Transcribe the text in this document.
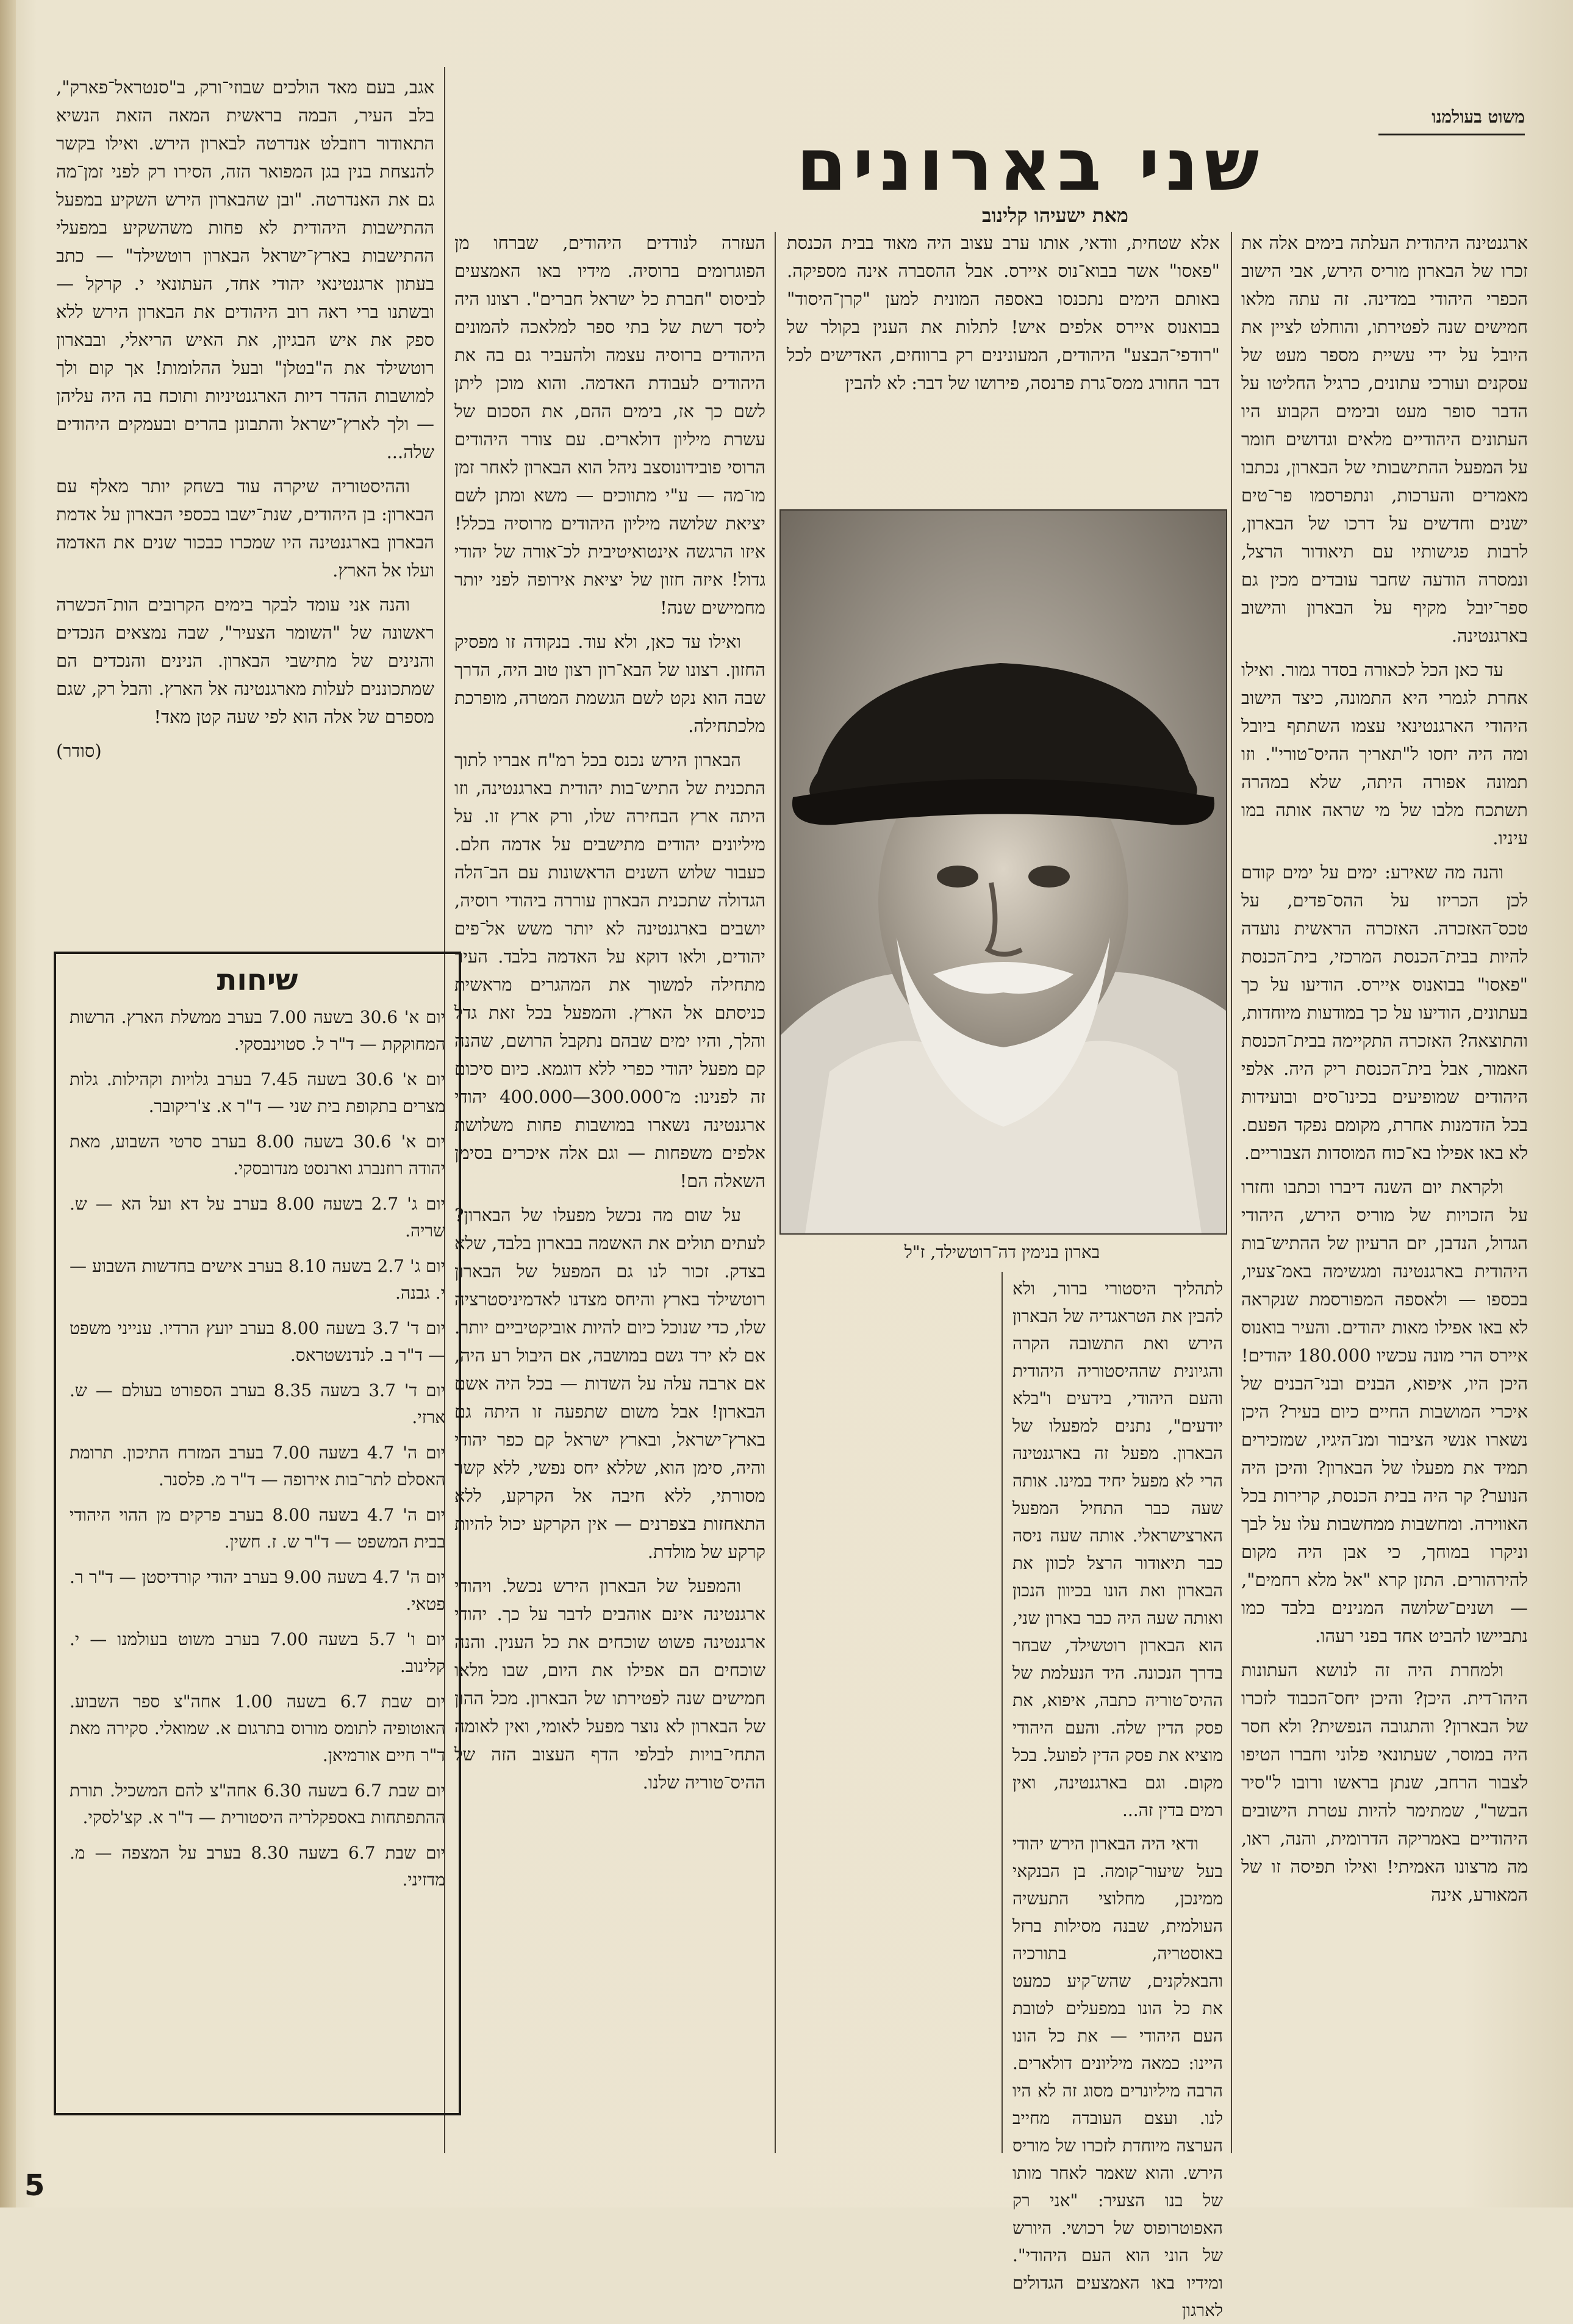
משוט בעולמנו
שני בארונים
מאת ישעיהו קלינוב

ארגנטינה היהודית העלתה בימים אלה את זכרו של הבארון מוריס הירש, אבי הישוב הכפרי היהודי במדינה. זה עתה מלאו חמישים שנה לפטירתו, והוחלט לציין את היובל על ידי עשיית מספר מעט של עסקנים ועורכי עתונים, כרגיל החליטו על הדבר סופר מעט ובימים הקבוע היו העתונים היהודיים מלאים וגדושים חומר על המפעל ההתישבותי של הבארון, נכתבו מאמרים והערכות, ונתפרסמו פר־טים ישנים וחדשים על דרכו של הבארון, לרבות פגישותיו עם תיאודור הרצל, ונמסרה הודעה שחבר עובדים מכין גם ספר־יובל מקיף על הבארון והישוב בארגנטינה.

עד כאן הכל לכאורה בסדר גמור. ואילו אחרת לגמרי היא התמונה, כיצד הישוב היהודי הארגנטינאי עצמו השתתף ביובל ומה היה יחסו ל"תאריך ההיס־טורי". וזו תמונה אפורה היתה, שלא במהרה תשתכח מלבו של מי שראה אותה במו עיניו.

והנה מה שאירע: ימים על ימים קודם לכן הכריזו על ההס־פדים, על טכס־האזכרה. האזכרה הראשית נועדה להיות בבית־הכנסת המרכזי, בית־הכנסת "פאסו" בבואנוס איירס. הודיעו על כך בעתונים, הודיעו על כך במודעות מיוחדות, והתוצאה? האזכרה התקיימה בבית־הכנסת האמור, אבל בית־הכנסת ריק היה. אלפי היהודים שמופיעים בכינו־סים ובועידות בכל הזדמנות אחרת, מקומם נפקד הפעם. לא באו אפילו בא־כוח המוסדות הצבוריים.

ולקראת יום השנה דיברו וכתבו וחזרו על הזכויות של מוריס הירש, היהודי הגדול, הנדבן, יזם הרעיון של ההתיש־בות היהודית בארגנטינה ומגשימה באמ־צעיו, בכספו — ולאספה המפורסמת שנקראה לא באו אפילו מאות יהודים. והעיר בואנוס איירס הרי מונה עכשיו 180.000 יהודים! היכן היו, איפוא, הבנים ובני־הבנים של איכרי המושבות החיים כיום בעיר? היכן נשארו אנשי הציבור ומנ־היגיו, שמזכירים תמיד את מפעלו של הבארון? והיכן היה הנוער? קר היה בבית הכנסת, קרירות בכל האווירה. ומחשבות ממחשבות עלו על לבך וניקרו במוחך, כי אבן היה מקום להירהורים. התזן קרא "אל מלא רחמים", — ושנים־שלושה המנינים בלבד כמו נתביישו להביט אחד בפני רעהו.

ולמחרת היה זה לנושא העתונות היהו־דית. היכן? והיכן יחס־הכבוד לזכרו של הבארון? והתגובה הנפשית? ולא חסר היה במוסר, שעתונאי פלוני וחברו הטיפו לצבור הרחב, שנתן בראשו ורובו ל"סיר הבשר", שמתימר להיות עטרת הישובים היהודיים באמריקה הדרומית, והנה, ראו, מה מרצונו האמיתי! ואילו תפיסה זו של המאורע, אינה

אלא שטחית, וודאי, אותו ערב עצוב היה מאוד בבית הכנסת "פאסו" אשר בבוא־נוס איירס. אבל ההסברה אינה מספיקה. באותם הימים נתכנסו באספה המונית למען "קרן־היסוד" בבואנוס איירס אלפים איש! לתלות את הענין בקולר של "רודפי־הבצע" היהודים, המעונינים רק ברווחים, האדישים לכל דבר החורג ממס־גרת פרנסה, פירושו של דבר: לא להבין

בארון בנימין דה־רוטשילד, ז"ל

לתהליך היסטורי ברור, ולא להבין את הטראגדיה של הבארון הירש ואת התשובה הקרה והגיונית שההיסטוריה היהודית והעם היהודי, בידעים ו"בלא יודעים", נתנים למפעלו של הבארון. מפעל זה בארגנטינה הרי לא מפעל יחיד במינו. אותה שעה כבר התחיל המפעל הארצישראלי. אותה שעה ניסה כבר תיאודור הרצל לכוון את הבארון ואת הונו בכיוון הנכון ואותה שעה היה כבר בארון שני, הוא הבארון רוטשילד, שבחר בדרך הנכונה. היד הנעלמת של ההיס־טוריה כתבה, איפוא, את פסק הדין שלה. והעם היהודי מוציא את פסק הדין לפועל. בכל מקום. וגם בארגנטינה, ואין רמים בדין זה...

ודאי היה הבארון הירש יהודי בעל שיעור־קומה. בן הבנקאי ממינכן, מחלוצי התעשיה העולמית, שבנה מסילות ברזל באוסטריה, בתורכיה והבאלקנים, שהש־קיע כמעט את כל הונו במפעלים לטובת העם היהודי — את כל הונו היינו: כמאה מיליונים דולארים. הרבה מיליונרים מסוג זה לא היו לנו. ועצם העובדה מחייב הערצה מיוחדת לזכרו של מוריס הירש. והוא שאמר לאחר מותו של בנו הצעיר: "אני רק האפוטרופוס של רכושי. היורש של הוני הוא העם היהודי". ומידיו באו האמצעים הגדולים לארגון

העזרה לנודדים היהודים, שברחו מן הפוגרומים ברוסיה. מידיו באו האמצעים לביסוס "חברת כל ישראל חברים". רצונו היה ליסד רשת של בתי ספר למלאכה להמונים היהודים ברוסיה עצמה ולהעביר גם בה את היהודים לעבודת האדמה. והוא מוכן ליתן לשם כך אז, בימים ההם, את הסכום של עשרת מיליון דולארים. עם צורר היהודים הרוסי פובידונוסצב ניהל הוא הבארון לאחר זמן מו־מה — ע"י מתווכים — משא ומתן לשם יציאת שלושה מיליון היהודים מרוסיה בכלל! איזו הרגשה אינטואיטיבית לכ־אורה של יהודי גדול! איזה חזון של יציאת אירופה לפני יותר מחמישים שנה!

ואילו עד כאן, ולא עוד. בנקודה זו מפסיק החזון. רצונו של הבא־רון רצון טוב היה, הדרך שבה הוא נקט לשם הגשמת המטרה, מופרכת מלכתחילה.

הבארון הירש נכנס בכל רמ"ח אבריו לתוך התכנית של התיש־בות יהודית בארגנטינה, וזו היתה ארץ הבחירה שלו, ורק ארץ זו. על מיליונים יהודים מתישבים על אדמה חלם. כעבור שלוש השנים הראשונות עם הב־הלה הגדולה שתכנית הבארון עוררה ביהודי רוסיה, יושבים בארגנטינה לא יותר משש אל־פים יהודים, ולאו דוקא על האדמה בלבד. העיר מתחילה למשוך את המהגרים מראשית כניסתם אל הארץ. והמפעל בכל זאת גדל והלך, והיו ימים שבהם נתקבל הרושם, שהנה קם מפעל יהודי כפרי ללא דוגמא. כיום סיכום זה לפנינו: מ־300.000—400.000 יהודי ארגנטינה נשארו במושבות פחות משלושת אלפים משפחות — וגם אלה איכרים בסימן השאלה הם!

על שום מה נכשל מפעלו של הבארון? לעתים תולים את האשמה בבארון בלבד, שלא בצדק. זכור לנו גם המפעל של הבארון רוטשילד בארץ והיחס מצדנו לאדמיניסטרציה שלו, כדי שנוכל כיום להיות אוביקטיביים יותר. אם לא ירד גשם במושבה, אם היבול רע היה, אם ארבה עלה על השדות — בכל היה אשם הבארון! אבל משום שתפעה זו היתה גם בארץ־ישראל, ובארץ ישראל קם כפר יהודי והיה, סימן הוא, שללא יחס נפשי, ללא קשר מסורתי, ללא חיבה אל הקרקע, ללא התאחזות בצפרנים — אין הקרקע יכול להיות קרקע של מולדת.

והמפעל של הבארון הירש נכשל. ויהודי ארגנטינה אינם אוהבים לדבר על כך. יהודי ארגנטינה פשוט שוכחים את כל הענין. והנה שוכחים הם אפילו את היום, שבו מלאו חמישים שנה לפטירתו של הבארון. מכל ההון של הבארון לא נוצר מפעל לאומי, ואין לאומה התחי־בויות לבלפי הדף העצוב הזה של ההיס־טוריה שלנו.

אגב, בעם מאד הולכים שבוזי־ורק, ב"סנטראל־פארק", בלב העיר, הבמה בראשית המאה הזאת הנשיא התאודור רוזבלט אנדרטה לבארון הירש. ואילו בקשר להנצחת בנין בגן המפואר הזה, הסירו רק לפני זמן־מה גם את האנדרטה. "ובן שהבארון הירש השקיע במפעל ההתישבות היהודית לא פחות משהשקיע במפעלי ההתישבות בארץ־ישראל הבארון רוטשילד" — כתב בעתון ארגנטינאי יהודי אחד, העתונאי י. קרקל — ובשתנו ברי ראה רוב היהודים את הבארון הירש ללא ספק את איש הבגיון, את האיש הריאלי, ובבארון רוטשילד את ה"בטלן" ובעל ההלומות! אך קום ולך למושבות ההדר דיות הארגנטיניות ותוכח בה היה עליהן — ולך לארץ־ישראל והתבונן בהרים ובעמקים היהודים שלה...

וההיסטוריה שיקרה עוד בשחק יותר מאלף עם הבארון: בן היהודים, שנת־ישבו בכספי הבארון על אדמת הבארון בארגנטינה היו שמכרו כבכור שנים את האדמה ועלו אל הארץ.

והנה אני עומד לבקר בימים הקרובים הות־הכשרה ראשונה של "השומר הצעיר", שבה נמצאים הנכדים והנינים של מתישבי הבארון. הנינים והנכדים הם שמתכוננים לעלות מארגנטינה אל הארץ. והבל רק, שגם מספרם של אלה הוא לפי שעה קטן מאד!

(סודר)

שיחות
יום א' 30.6 בשעה 7.00 בערב ממשלת הארץ. הרשות המחוקקת — ד"ר ל. סטוינבסקי.
יום א' 30.6 בשעה 7.45 בערב גלויות וקהילות. גלות מצרים בתקופת בית שני — ד"ר א. צ'ריקובר.
יום א' 30.6 בשעה 8.00 בערב סרטי השבוע, מאת יהודה רוזנברג וארנסט מנדובסקי.
יום ג' 2.7 בשעה 8.00 בערב על דא ועל הא — ש. שריה.
יום ג' 2.7 בשעה 8.10 בערב אישים בחדשות השבוע — י. גבנה.
יום ד' 3.7 בשעה 8.00 בערב יועץ הרדיו. ענייני משפט — ד"ר ב. לנדנשטראס.
יום ד' 3.7 בשעה 8.35 בערב הספורט בעולם — ש. ארזי.
יום ה' 4.7 בשעה 7.00 בערב המזרח התיכון. תרומת האסלם לתר־בות אירופה — ד"ר מ. פלסנר.
יום ה' 4.7 בשעה 8.00 בערב פרקים מן ההוי היהודי בבית המשפט — ד"ר ש. ז. חשין.
יום ה' 4.7 בשעה 9.00 בערב יהודי קורדיסטן — ד"ר ר. פטאי.
יום ו' 5.7 בשעה 7.00 בערב משוט בעולמנו — י. קלינוב.
יום שבת 6.7 בשעה 1.00 אחה"צ ספר השבוע. האוטופיה לתומס מורוס בתרגום א. שמואלי. סקירה מאת ד"ר חיים אורמיאן.
יום שבת 6.7 בשעה 6.30 אחה"צ להם המשכיל. תורת ההתפתחות באספקלריה היסטורית — ד"ר א. קצ'לסקי.
יום שבת 6.7 בשעה 8.30 בערב על המצפה — מ. מדזיני.
5
